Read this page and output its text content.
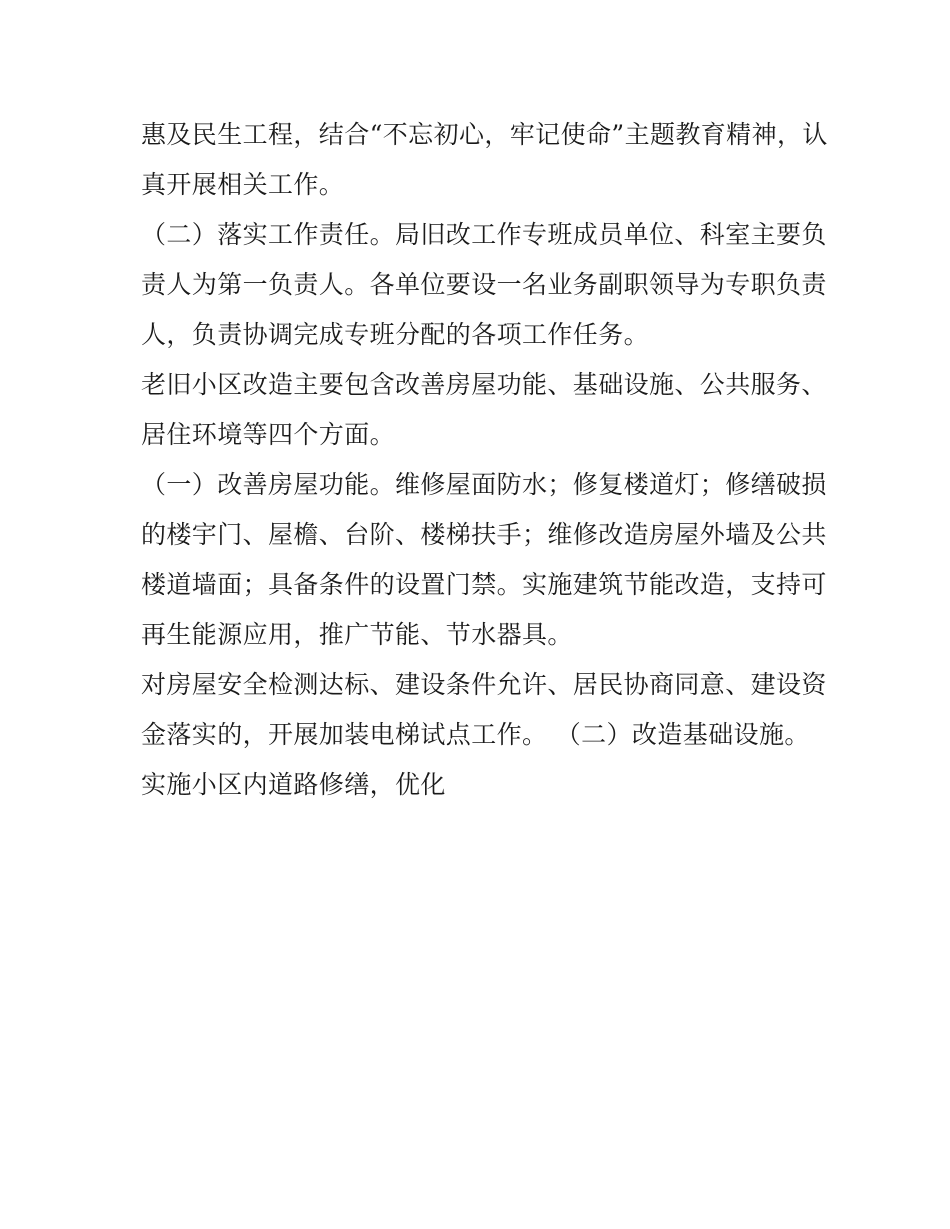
惠及民生工程，结合“不忘初心，牢记使命”主题教育精神，认
真开展相关工作。
（二）落实工作责任。局旧改工作专班成员单位、科室主要负
责人为第一负责人。各单位要设一名业务副职领导为专职负责
人，负责协调完成专班分配的各项工作任务。
老旧小区改造主要包含改善房屋功能、基础设施、公共服务、
居住环境等四个方面。
（一）改善房屋功能。维修屋面防水；修复楼道灯；修缮破损
的楼宇门、屋檐、台阶、楼梯扶手；维修改造房屋外墙及公共
楼道墙面；具备条件的设置门禁。实施建筑节能改造，支持可
再生能源应用，推广节能、节水器具。
对房屋安全检测达标、建设条件允许、居民协商同意、建设资
金落实的，开展加装电梯试点工作。 （二）改造基础设施。
实施小区内道路修缮，优化
